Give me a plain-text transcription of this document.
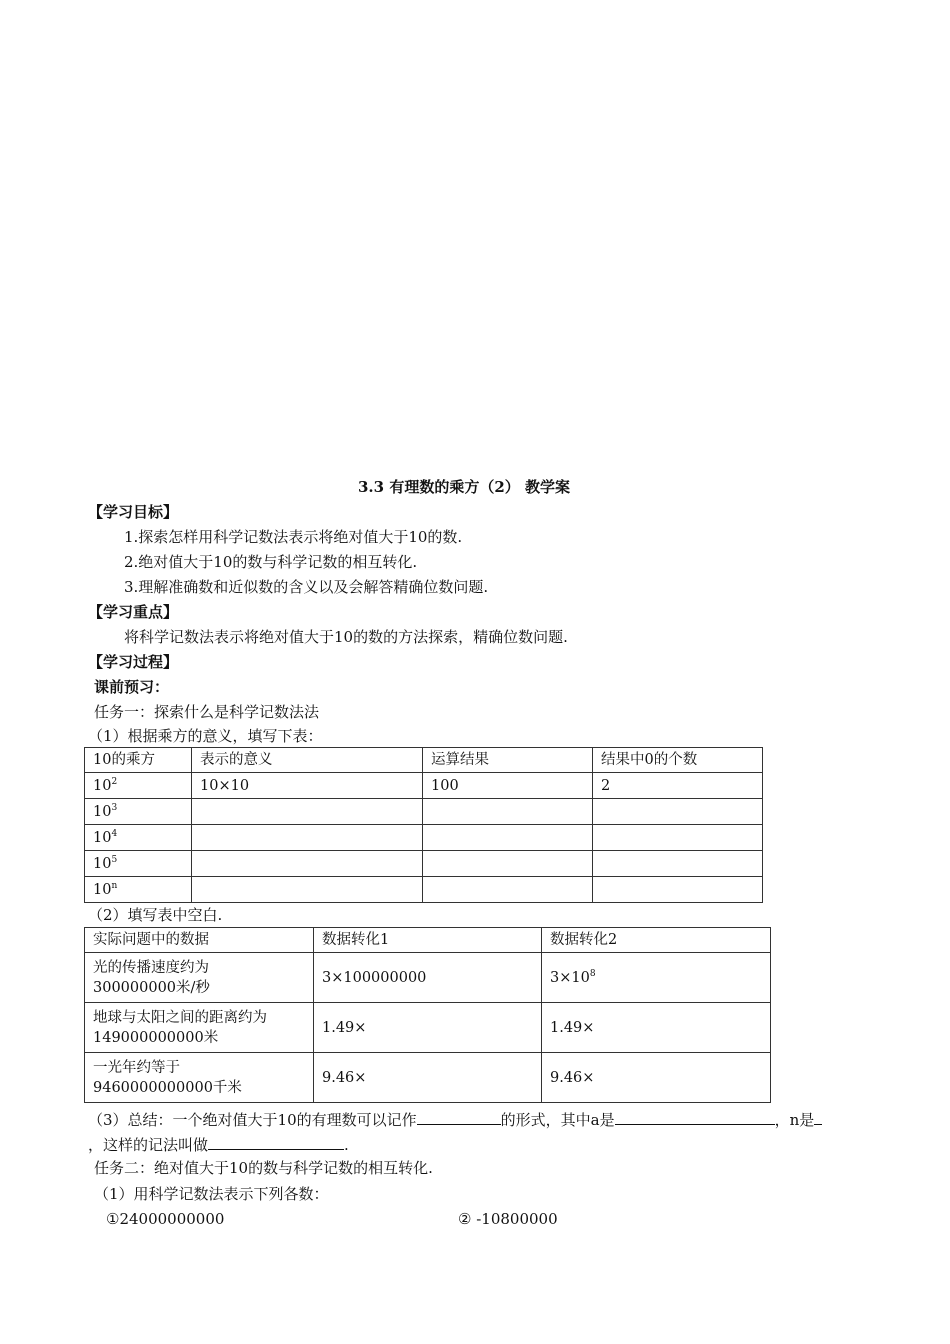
3.3 有理数的乘方（2） 教学案
【学习目标】
1.探索怎样用科学记数法表示将绝对值大于10的数.
2.绝对值大于10的数与科学记数的相互转化.
3.理解准确数和近似数的含义以及会解答精确位数问题.
【学习重点】
将科学记数法表示将绝对值大于10的数的方法探索，精确位数问题.
【学习过程】
课前预习：
任务一：探索什么是科学记数法法
（1）根据乘方的意义，填写下表：
10的乘方	表示的意义	运算结果	结果中0的个数
$10^2$	10×10	100	2
$10^3$			
$10^4$			
$10^5$			
10$^n$			
（2）填写表中空白.
实际问题中的数据	数据转化1	数据转化2

光的传播速度约为
300000000米/秒	3×100000000	$3\times 10^8$

地球与太阳之间的距离约为
149000000000米	1.49×	1.49×

一光年约等于
9460000000000千米	9.46×	9.46×
（3）总结：一个绝对值大于10的有理数可以记作	的形式，其中a是	，n是
，这样的记法叫做	.
任务二：绝对值大于10的数与科学记数的相互转化.
（1）用科学记数法表示下列各数：
①24000000000	② -10800000
